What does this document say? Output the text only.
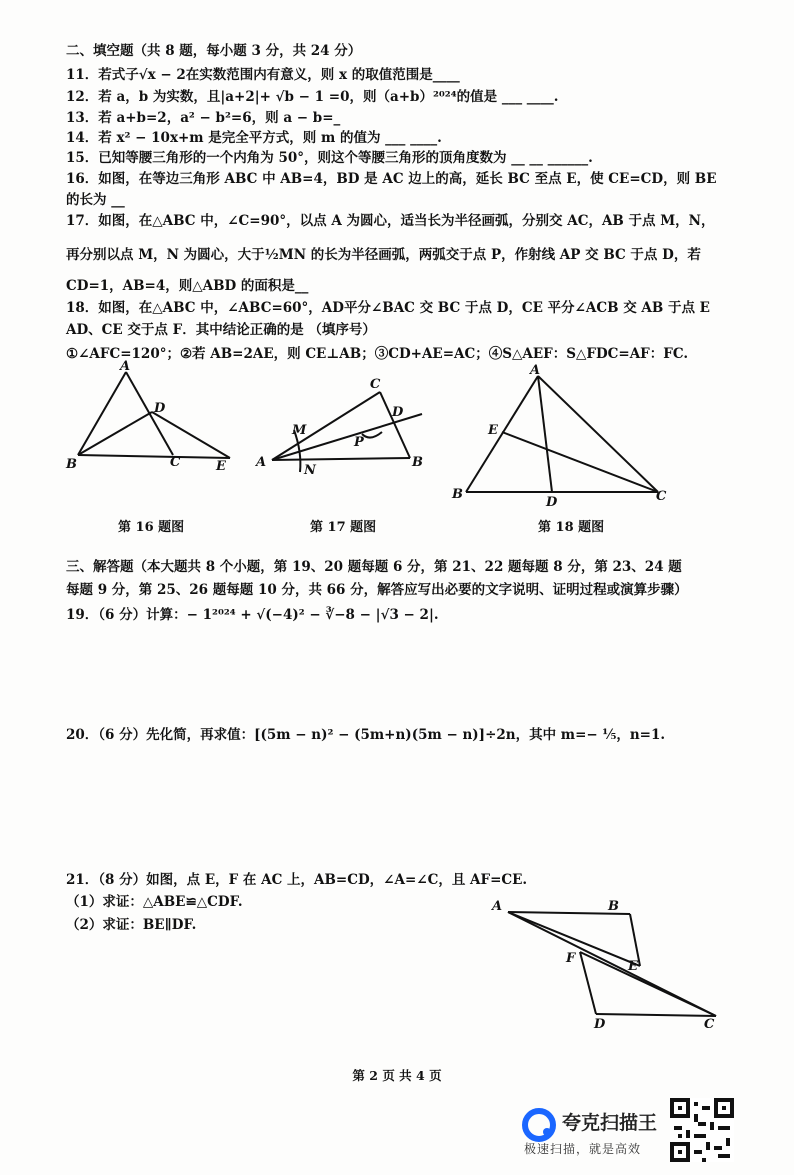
二、填空题（共 8 题，每小题 3 分，共 24 分）
11．若式子√x − 2在实数范围内有意义，则 x 的取值范围是____
12．若 a，b 为实数，且|a+2|+ √b − 1 =0，则（a+b）²⁰²⁴的值是 ___ ____.
13．若 a+b=2，a² − b²=6，则 a − b=_
14．若 x² − 10x+m 是完全平方式，则 m 的值为 ___ ____.
15．已知等腰三角形的一个内角为 50°，则这个等腰三角形的顶角度数为 __ __ ______.
16．如图，在等边三角形 ABC 中 AB=4，BD 是 AC 边上的高，延长 BC 至点 E，使 CE=CD，则 BE
的长为 __
17．如图，在△ABC 中，∠C=90°，以点 A 为圆心，适当长为半径画弧，分别交 AC，AB 于点 M，N，
再分别以点 M，N 为圆心，大于½MN 的长为半径画弧，两弧交于点 P，作射线 AP 交 BC 于点 D，若
CD=1，AB=4，则△ABD 的面积是__
18．如图，在△ABC 中，∠ABC=60°，AD平分∠BAC 交 BC 于点 D，CE 平分∠ACB 交 AB 于点 E
AD、CE 交于点 F．其中结论正确的是 （填序号）
①∠AFC=120°；②若 AB=2AE，则 CE⊥AB；③CD+AE=AC；④S△AEF：S△FDC=AF：FC.
A
D
B	C	E
第 16 题图
C
D
M
P
A
N
B
第 17 题图
A
E
B
D	C
第 18 题图
三、解答题（本大题共 8 个小题，第 19、20 题每题 6 分，第 21、22 题每题 8 分，第 23、24 题
每题 9 分，第 25、26 题每题 10 分，共 66 分，解答应写出必要的文字说明、证明过程或演算步骤）
19．（6 分）计算：− 1²⁰²⁴ + √(−4)² − ∛−8 − |√3 − 2|.
20．（6 分）先化简，再求值：[(5m − n)² − (5m+n)(5m − n)]÷2n，其中 m=− ⅕，n=1.
21．（8 分）如图，点 E，F 在 AC 上，AB=CD，∠A=∠C，且 AF=CE.
（1）求证：△ABE≌△CDF.
（2）求证：BE∥DF.
A	B
F
E
D	C
第 2 页 共 4 页
夸克扫描王
极速扫描，就是高效
